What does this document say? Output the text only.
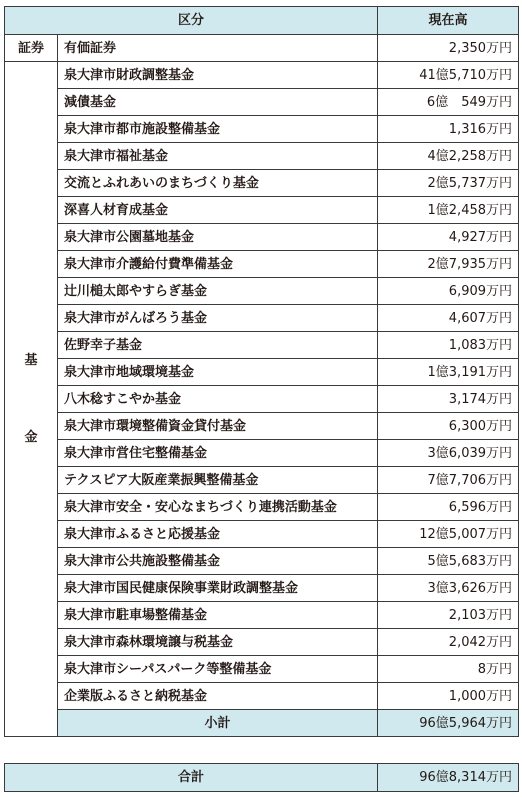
区分		現在高
証券	有価証券	2,350万円

基
金	泉大津市財政調整基金	41億5,710万円
	減債基金	6億　549万円
	泉大津市都市施設整備基金	1,316万円
	泉大津市福祉基金	4億2,258万円
	交流とふれあいのまちづくり基金	2億5,737万円
	深喜人材育成基金	1億2,458万円
	泉大津市公園墓地基金	4,927万円
	泉大津市介護給付費準備基金	2億7,935万円
	辻川槌太郎やすらぎ基金	6,909万円
	泉大津市がんばろう基金	4,607万円
	佐野幸子基金	1,083万円
	泉大津市地域環境基金	1億3,191万円
	八木稔すこやか基金	3,174万円
	泉大津市環境整備資金貸付基金	6,300万円
	泉大津市営住宅整備基金	3億6,039万円
	テクスピア大阪産業振興整備基金	7億7,706万円
	泉大津市安全・安心なまちづくり連携活動基金	6,596万円
	泉大津市ふるさと応援基金	12億5,007万円
	泉大津市公共施設整備基金	5億5,683万円
	泉大津市国民健康保険事業財政調整基金	3億3,626万円
	泉大津市駐車場整備基金	2,103万円
	泉大津市森林環境譲与税基金	2,042万円
	泉大津市シーパスパーク等整備基金	8万円
	企業版ふるさと納税基金	1,000万円
	小計	96億5,964万円
合計	96億8,314万円
